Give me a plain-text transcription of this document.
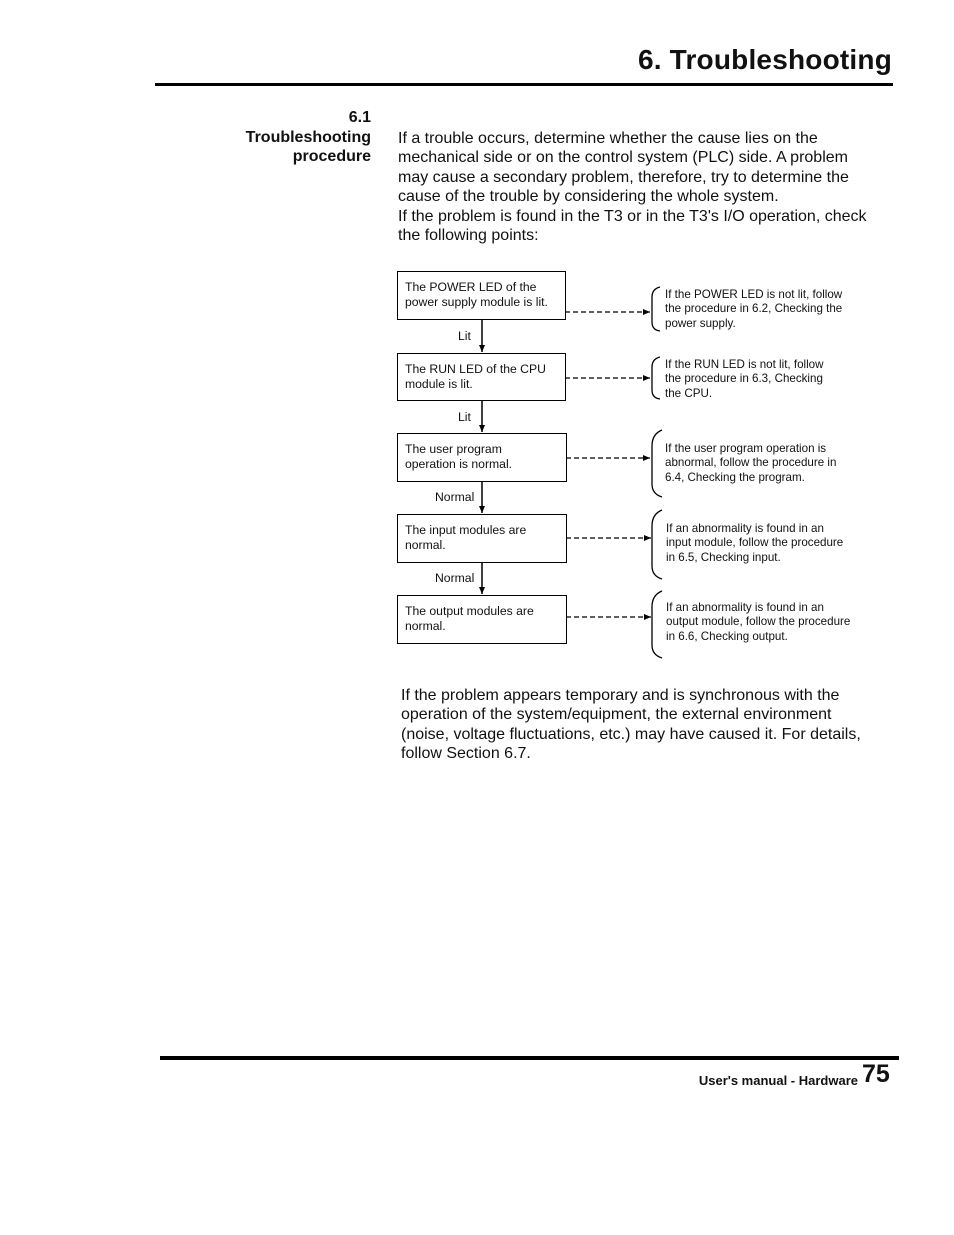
6. Troubleshooting
6.1
Troubleshooting
procedure
If a trouble occurs, determine whether the cause lies on the
mechanical side or on the control system (PLC) side. A problem
may cause a secondary problem, therefore, try to determine the
cause of the trouble by considering the whole system.
If the problem is found in the T3 or in the T3's I/O operation, check
the following points:
The POWER LED of the
power supply module is lit.
The RUN LED of the CPU
module is lit.
The user program
operation is normal.
The input modules are
normal.
The output modules are
normal.
Lit
Lit
Normal
Normal
If the POWER LED is not lit, follow
the procedure in 6.2, Checking the
power supply.
If the RUN LED is not lit, follow
the procedure in 6.3, Checking
the CPU.
If the user program operation is
abnormal, follow the procedure in
6.4, Checking the program.
If an abnormality is found in an
input module, follow the procedure
in 6.5, Checking input.
If an abnormality is found in an
output module, follow the procedure
in 6.6, Checking output.
If the problem appears temporary and is synchronous with the
operation of the system/equipment, the external environment
(noise, voltage fluctuations, etc.) may have caused it. For details,
follow Section 6.7.
User's manual - Hardware 75
